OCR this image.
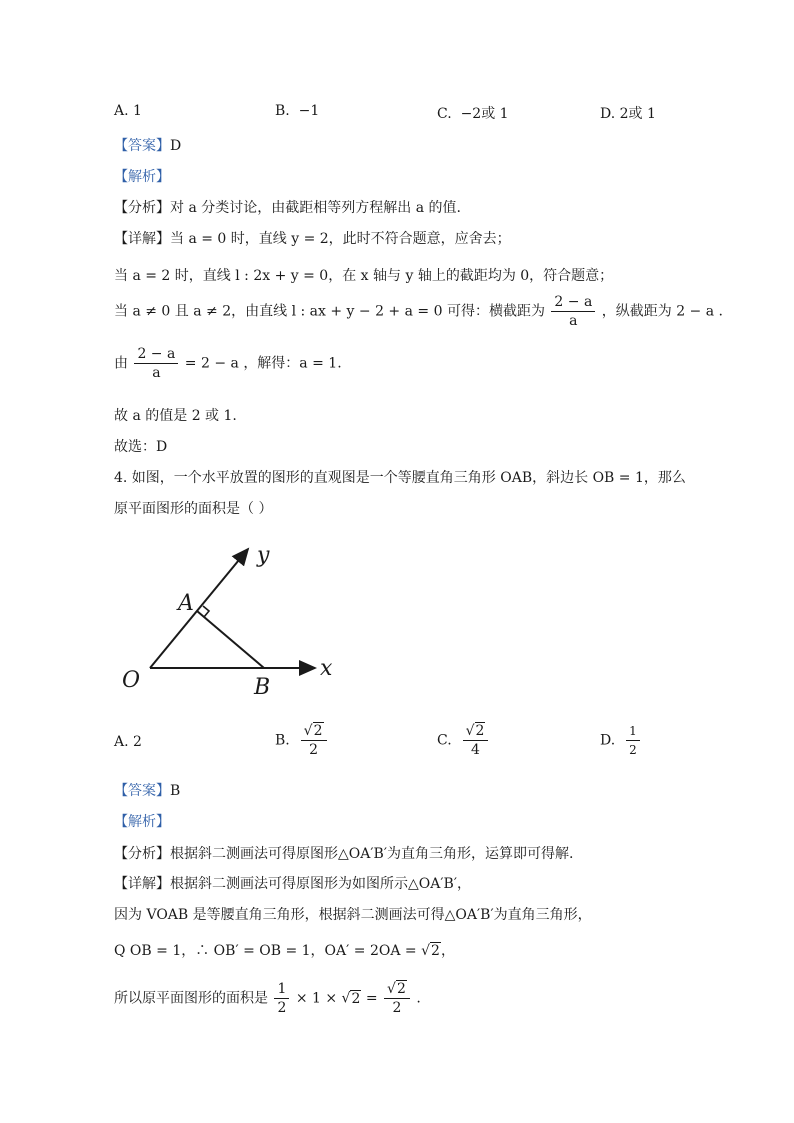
A. 1	B. −1	C. −2或 1	D. 2或 1
【答案】D
【解析】
【分析】对 a 分类讨论，由截距相等列方程解出 a 的值.
【详解】当 a = 0 时，直线 y = 2，此时不符合题意，应舍去；
当 a = 2 时，直线 l : 2x + y = 0，在 x 轴与 y 轴上的截距均为 0，符合题意；
当 a ≠ 0 且 a ≠ 2，由直线 l : ax + y − 2 + a = 0 可得：横截距为 $\frac{2 - a}{a}$ ，纵截距为 2 − a .
由 $\frac{2 - a}{a} = 2 - a$ ，解得：a = 1.
故 a 的值是 2 或 1.
故选：D
4. 如图，一个水平放置的图形的直观图是一个等腰直角三角形 OAB，斜边长 OB = 1，那么
原平面图形的面积是（ ）
y
x
A
O	B
A. 2	B. $\frac{√2}{2}$	C. $\frac{√2}{4}$	D. $\frac{1}{2}$
【答案】B
【解析】
【分析】根据斜二测画法可得原图形△OA′B′为直角三角形，运算即可得解.
【详解】根据斜二测画法可得原图形为如图所示△OA′B′，
因为 VOAB 是等腰直角三角形，根据斜二测画法可得△OA′B′为直角三角形，
Q OB = 1，∴ OB′ = OB = 1，OA′ = 2OA = √2，
所以原平面图形的面积是 $\frac{1}{2} \times 1 \times √2 = \frac{√2}{2}$ .
